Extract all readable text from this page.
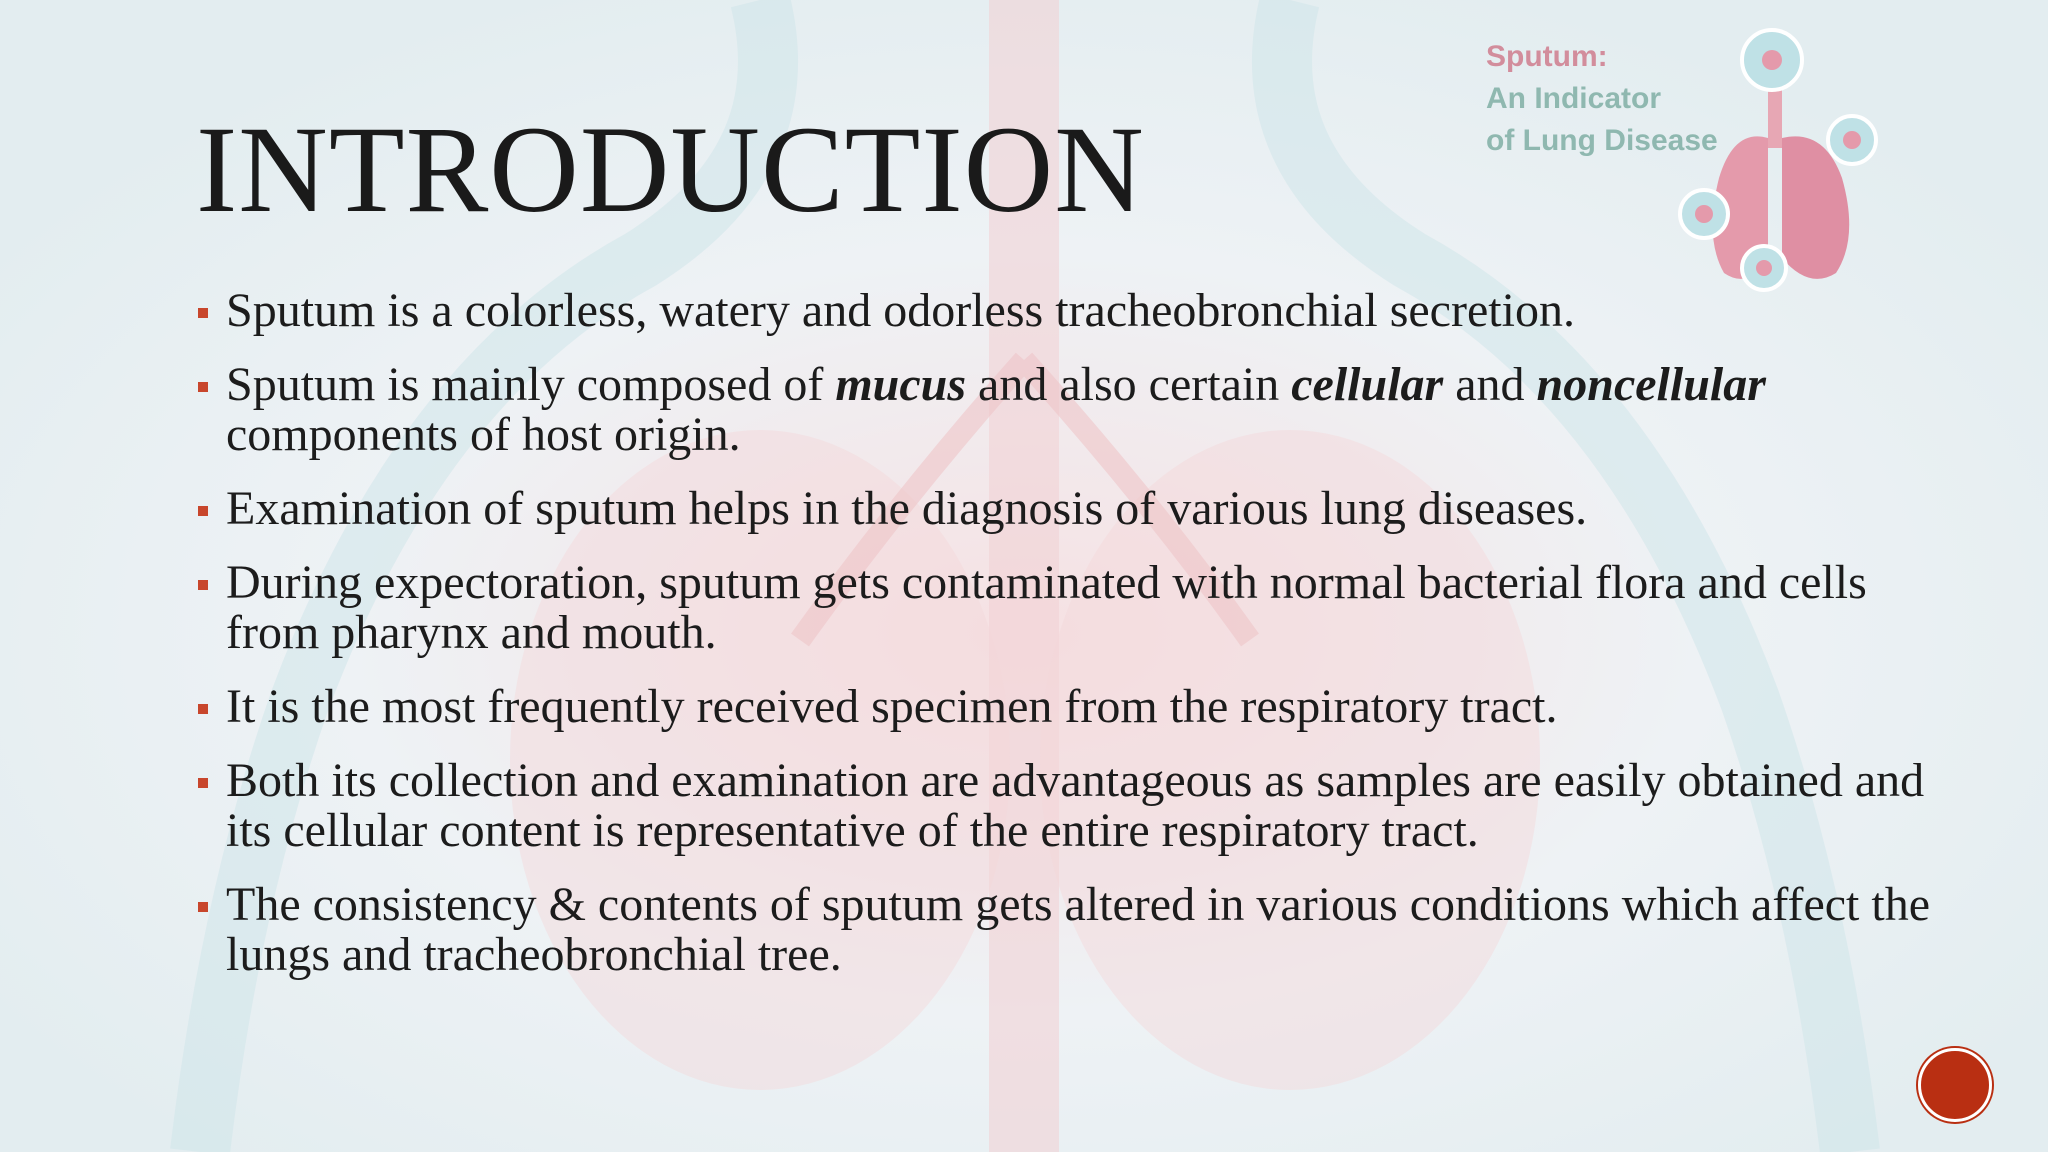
INTRODUCTION
Sputum:
An Indicator
of Lung Disease
Sputum is a colorless, watery and odorless tracheobronchial secretion.
Sputum is mainly composed of mucus and also certain cellular and noncellular components of host origin.
Examination of sputum helps in the diagnosis of various lung diseases.
During expectoration, sputum gets contaminated with normal bacterial flora and cells from pharynx and mouth.
It is the most frequently received specimen from the respiratory tract.
Both its collection and examination are advantageous as samples are easily obtained and its cellular content is representative of the entire respiratory tract.
The consistency & contents of sputum gets altered in various conditions which affect the lungs and tracheobronchial tree.
